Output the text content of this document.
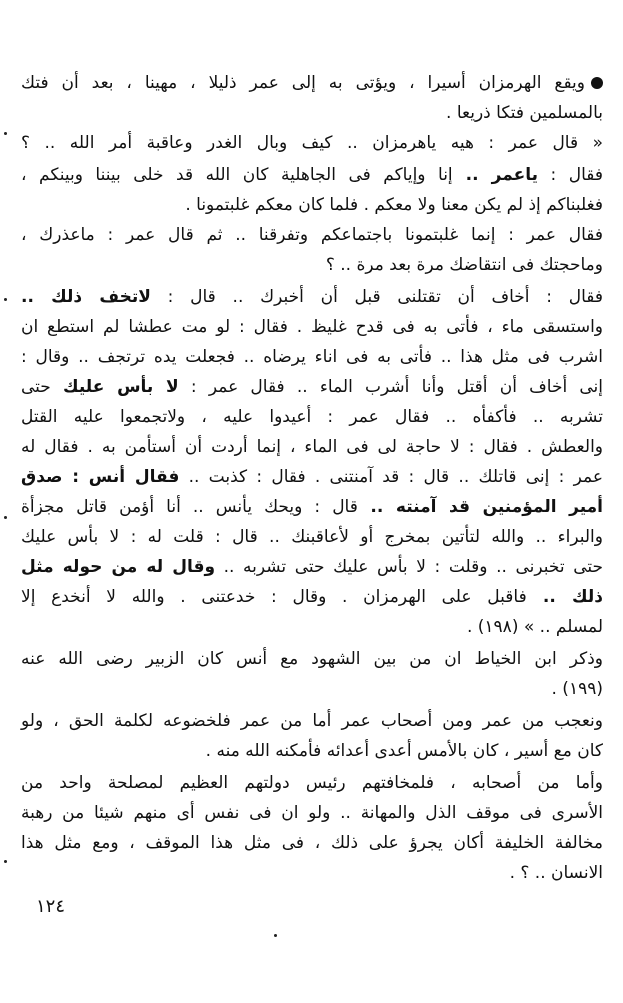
ويقع الهرمزان أسيرا ، ويؤتى به إلى عمر ذليلا ، مهينا ، بعد أن فتك
بالمسلمين فتكا ذريعا .
« قال عمر : هيه ياهرمزان .. كيف وبال الغدر وعاقبة أمر الله .. ؟
فقال : ياعمر .. إنا وإياكم فى الجاهلية كان الله قد خلى بيننا وبينكم ،
فغلبناكم إذ لم يكن معنا ولا معكم . فلما كان معكم غلبتمونا .
فقال عمر : إنما غلبتمونا باجتماعكم وتفرقنا .. ثم قال عمر : ماعذرك ،
وماحجتك فى انتقاضك مرة بعد مرة .. ؟
فقال : أخاف أن تقتلنى قبل أن أخبرك .. قال : لاتخف ذلك ..
واستسقى ماء ، فأتى به فى قدح غليظ . فقال : لو مت عطشا لم استطع ان
اشرب فى مثل هذا .. فأتى به فى اناء يرضاه .. فجعلت يده ترتجف .. وقال :
إنى أخاف أن أقتل وأنا أشرب الماء .. فقال عمر : لا بأس عليك حتى
تشربه .. فأكفأه .. فقال عمر : أعيدوا عليه ، ولاتجمعوا عليه القتل
والعطش . فقال : لا حاجة لى فى الماء ، إنما أردت أن أستأمن به . فقال له
عمر : إنى قاتلك .. قال : قد آمنتنى . فقال : كذبت .. فقال أنس : صدق
أمير المؤمنين قد آمنته .. قال : ويحك يأنس .. أنا أؤمن قاتل مجزأة
والبراء .. والله لتأتين بمخرج أو لأعاقبنك .. قال : قلت له : لا بأس عليك
حتى تخبرنى .. وقلت : لا بأس عليك حتى تشربه .. وقال له من حوله مثل
ذلك .. فاقبل على الهرمزان . وقال : خدعتنى . والله لا أنخدع إلا
لمسلم .. » (١٩٨) .
وذكر ابن الخياط ان من بين الشهود مع أنس كان الزبير رضى الله عنه
(١٩٩) .
ونعجب من عمر ومن أصحاب عمر أما من عمر فلخضوعه لكلمة الحق ، ولو
كان مع أسير ، كان بالأمس أعدى أعدائه فأمكنه الله منه .
وأما من أصحابه ، فلمخافتهم رئيس دولتهم العظيم لمصلحة واحد من
الأسرى فى موقف الذل والمهانة .. ولو ان فى نفس أى منهم شيئا من رهبة
مخالفة الخليفة أكان يجرؤ على ذلك ، فى مثل هذا الموقف ، ومع مثل هذا
الانسان .. ؟ .
١٢٤
